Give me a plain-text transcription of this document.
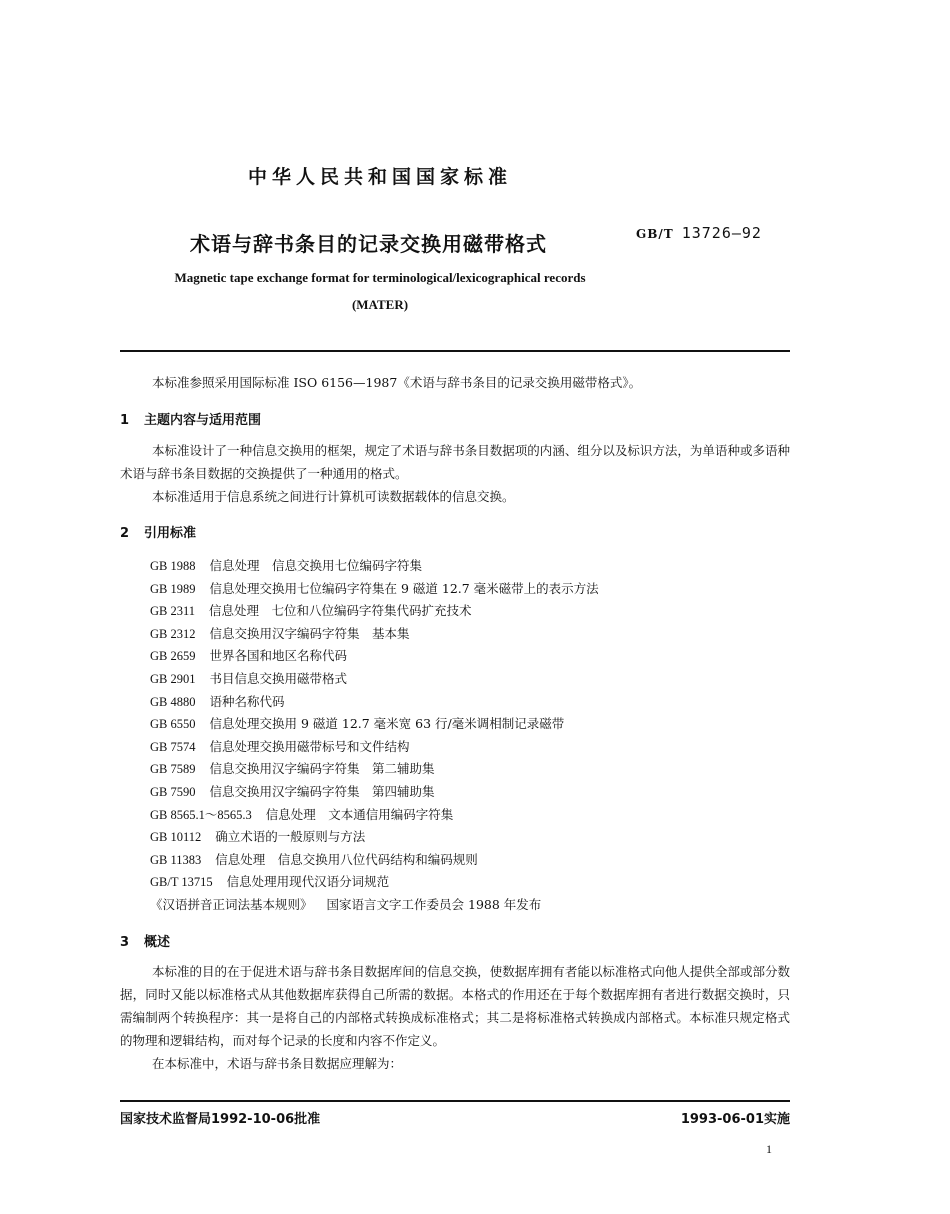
中华人民共和国国家标准
术语与辞书条目的记录交换用磁带格式	GB/T 13726—92
Magnetic tape exchange format for terminological/lexicographical records
(MATER)

本标准参照采用国际标准 ISO 6156—1987《术语与辞书条目的记录交换用磁带格式》。

1 主题内容与适用范围

本标准设计了一种信息交换用的框架，规定了术语与辞书条目数据项的内涵、组分以及标识方法，为单语种或多语种术语与辞书条目数据的交换提供了一种通用的格式。

本标准适用于信息系统之间进行计算机可读数据载体的信息交换。

2 引用标准
GB 1988 信息处理　信息交换用七位编码字符集
GB 1989 信息处理交换用七位编码字符集在 9 磁道 12.7 毫米磁带上的表示方法
GB 2311 信息处理　七位和八位编码字符集代码扩充技术
GB 2312 信息交换用汉字编码字符集　基本集
GB 2659 世界各国和地区名称代码
GB 2901 书目信息交换用磁带格式
GB 4880 语种名称代码
GB 6550 信息处理交换用 9 磁道 12.7 毫米宽 63 行/毫米调相制记录磁带
GB 7574 信息处理交换用磁带标号和文件结构
GB 7589 信息交换用汉字编码字符集　第二辅助集
GB 7590 信息交换用汉字编码字符集　第四辅助集
GB 8565.1～8565.3 信息处理　文本通信用编码字符集
GB 10112 确立术语的一般原则与方法
GB 11383 信息处理　信息交换用八位代码结构和编码规则
GB/T 13715 信息处理用现代汉语分词规范
《汉语拼音正词法基本规则》 国家语言文字工作委员会 1988 年发布
3 概述

本标准的目的在于促进术语与辞书条目数据库间的信息交换，使数据库拥有者能以标准格式向他人提供全部或部分数据，同时又能以标准格式从其他数据库获得自己所需的数据。本格式的作用还在于每个数据库拥有者进行数据交换时，只需编制两个转换程序：其一是将自己的内部格式转换成标准格式；其二是将标准格式转换成内部格式。本标准只规定格式的物理和逻辑结构，而对每个记录的长度和内容不作定义。

在本标准中，术语与辞书条目数据应理解为：

国家技术监督局1992-10-06批准	1993-06-01实施
1
